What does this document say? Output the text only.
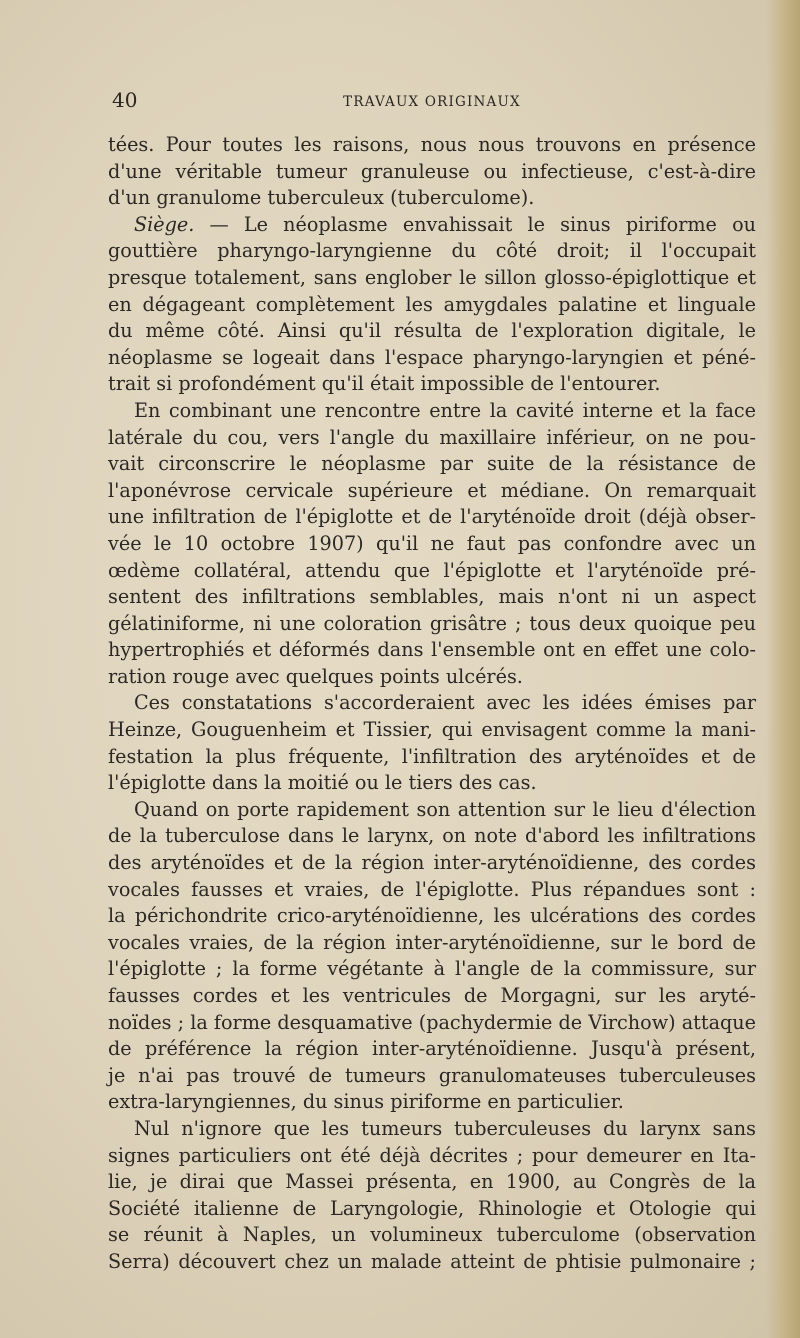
40	TRAVAUX ORIGINAUX
tées. Pour toutes les raisons, nous nous trouvons en présence
d'une véritable tumeur granuleuse ou infectieuse, c'est-à-dire
d'un granulome tuberculeux (tuberculome).
Siège. — Le néoplasme envahissait le sinus piriforme ou
gouttière pharyngo-laryngienne du côté droit; il l'occupait
presque totalement, sans englober le sillon glosso-épiglottique et
en dégageant complètement les amygdales palatine et linguale
du même côté. Ainsi qu'il résulta de l'exploration digitale, le
néoplasme se logeait dans l'espace pharyngo-laryngien et péné-
trait si profondément qu'il était impossible de l'entourer.
En combinant une rencontre entre la cavité interne et la face
latérale du cou, vers l'angle du maxillaire inférieur, on ne pou-
vait circonscrire le néoplasme par suite de la résistance de
l'aponévrose cervicale supérieure et médiane. On remarquait
une infiltration de l'épiglotte et de l'aryténoïde droit (déjà obser-
vée le 10 octobre 1907) qu'il ne faut pas confondre avec un
œdème collatéral, attendu que l'épiglotte et l'aryténoïde pré-
sentent des infiltrations semblables, mais n'ont ni un aspect
gélatiniforme, ni une coloration grisâtre ; tous deux quoique peu
hypertrophiés et déformés dans l'ensemble ont en effet une colo-
ration rouge avec quelques points ulcérés.
Ces constatations s'accorderaient avec les idées émises par
Heinze, Gouguenheim et Tissier, qui envisagent comme la mani-
festation la plus fréquente, l'infiltration des aryténoïdes et de
l'épiglotte dans la moitié ou le tiers des cas.
Quand on porte rapidement son attention sur le lieu d'élection
de la tuberculose dans le larynx, on note d'abord les infiltrations
des aryténoïdes et de la région inter-aryténoïdienne, des cordes
vocales fausses et vraies, de l'épiglotte. Plus répandues sont :
la périchondrite crico-aryténoïdienne, les ulcérations des cordes
vocales vraies, de la région inter-aryténoïdienne, sur le bord de
l'épiglotte ; la forme végétante à l'angle de la commissure, sur
fausses cordes et les ventricules de Morgagni, sur les aryté-
noïdes ; la forme desquamative (pachydermie de Virchow) attaque
de préférence la région inter-aryténoïdienne. Jusqu'à présent,
je n'ai pas trouvé de tumeurs granulomateuses tuberculeuses
extra-laryngiennes, du sinus piriforme en particulier.
Nul n'ignore que les tumeurs tuberculeuses du larynx sans
signes particuliers ont été déjà décrites ; pour demeurer en Ita-
lie, je dirai que Massei présenta, en 1900, au Congrès de la
Société italienne de Laryngologie, Rhinologie et Otologie qui
se réunit à Naples, un volumineux tuberculome (observation
Serra) découvert chez un malade atteint de phtisie pulmonaire ;
